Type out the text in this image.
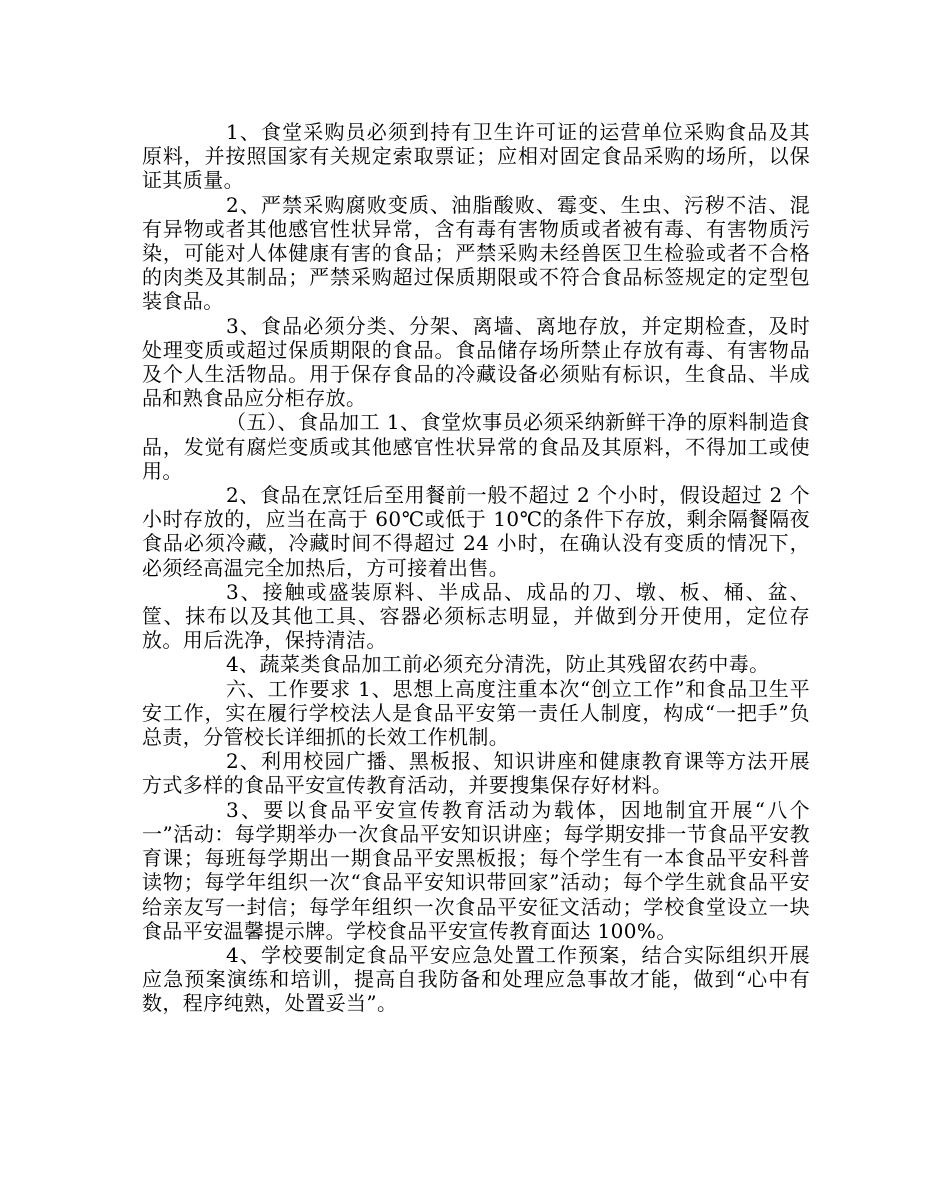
1、食堂采购员必须到持有卫生许可证的运营单位采购食品及其原料，并按照国家有关规定索取票证；应相对固定食品采购的场所，以保证其质量。

2、严禁采购腐败变质、油脂酸败、霉变、生虫、污秽不洁、混有异物或者其他感官性状异常，含有毒有害物质或者被有毒、有害物质污染，可能对人体健康有害的食品；严禁采购未经兽医卫生检验或者不合格的肉类及其制品；严禁采购超过保质期限或不符合食品标签规定的定型包装食品。

3、食品必须分类、分架、离墙、离地存放，并定期检查，及时处理变质或超过保质期限的食品。食品储存场所禁止存放有毒、有害物品及个人生活物品。用于保存食品的冷藏设备必须贴有标识，生食品、半成品和熟食品应分柜存放。

（五）、食品加工 1、食堂炊事员必须采纳新鲜干净的原料制造食品，发觉有腐烂变质或其他感官性状异常的食品及其原料，不得加工或使用。

2、食品在烹饪后至用餐前一般不超过 2 个小时，假设超过 2 个小时存放的，应当在高于 60℃或低于 10℃的条件下存放，剩余隔餐隔夜食品必须冷藏，冷藏时间不得超过 24 小时，在确认没有变质的情况下，必须经高温完全加热后，方可接着出售。

3、接触或盛装原料、半成品、成品的刀、墩、板、桶、盆、筐、抹布以及其他工具、容器必须标志明显，并做到分开使用，定位存放。用后洗净，保持清洁。

4、蔬菜类食品加工前必须充分清洗，防止其残留农药中毒。

六、工作要求 1、思想上高度注重本次“创立工作”和食品卫生平安工作，实在履行学校法人是食品平安第一责任人制度，构成“一把手”负总责，分管校长详细抓的长效工作机制。

2、利用校园广播、黑板报、知识讲座和健康教育课等方法开展方式多样的食品平安宣传教育活动，并要搜集保存好材料。

3、要以食品平安宣传教育活动为载体，因地制宜开展“八个一”活动：每学期举办一次食品平安知识讲座；每学期安排一节食品平安教育课；每班每学期出一期食品平安黑板报；每个学生有一本食品平安科普读物；每学年组织一次“食品平安知识带回家”活动；每个学生就食品平安给亲友写一封信；每学年组织一次食品平安征文活动；学校食堂设立一块食品平安温馨提示牌。学校食品平安宣传教育面达 100%。

4、学校要制定食品平安应急处置工作预案，结合实际组织开展应急预案演练和培训，提高自我防备和处理应急事故才能，做到“心中有数，程序纯熟，处置妥当”。
